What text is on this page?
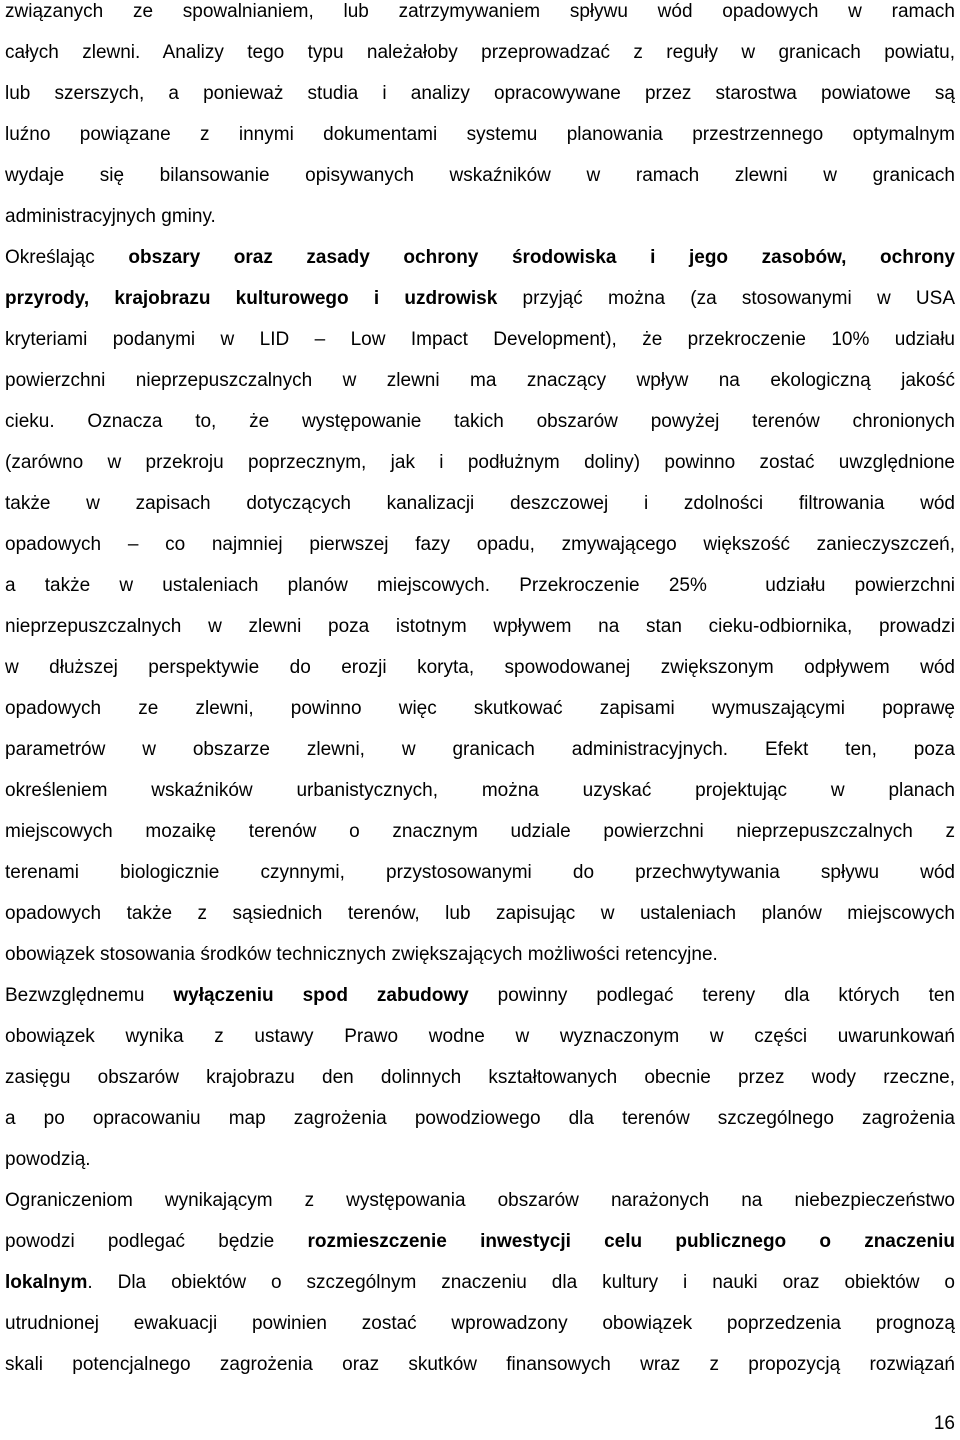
związanych ze spowalnianiem, lub zatrzymywaniem spływu wód opadowych w ramach
całych zlewni. Analizy tego typu należałoby przeprowadzać z reguły w granicach powiatu,
lub szerszych, a ponieważ studia i analizy opracowywane przez starostwa powiatowe są
luźno powiązane z innymi dokumentami systemu planowania przestrzennego optymalnym
wydaje się bilansowanie opisywanych wskaźników w ramach zlewni w granicach
administracyjnych gminy.
Określając obszary oraz zasady ochrony środowiska i jego zasobów, ochrony
przyrody, krajobrazu kulturowego i uzdrowisk przyjąć można (za stosowanymi w USA
kryteriami podanymi w LID – Low Impact Development), że przekroczenie 10% udziału
powierzchni nieprzepuszczalnych w zlewni ma znaczący wpływ na ekologiczną jakość
cieku. Oznacza to, że występowanie takich obszarów powyżej terenów chronionych
(zarówno w przekroju poprzecznym, jak i podłużnym doliny) powinno zostać uwzględnione
także w zapisach dotyczących kanalizacji deszczowej i zdolności filtrowania wód
opadowych – co najmniej pierwszej fazy opadu, zmywającego większość zanieczyszczeń,
a także w ustaleniach planów miejscowych. Przekroczenie 25%  udziału powierzchni
nieprzepuszczalnych w zlewni poza istotnym wpływem na stan cieku-odbiornika, prowadzi
w dłuższej perspektywie do erozji koryta, spowodowanej zwiększonym odpływem wód
opadowych ze zlewni, powinno więc skutkować zapisami wymuszającymi poprawę
parametrów w obszarze zlewni, w granicach administracyjnych. Efekt ten, poza
określeniem wskaźników urbanistycznych, można uzyskać projektując w planach
miejscowych mozaikę terenów o znacznym udziale powierzchni nieprzepuszczalnych z
terenami biologicznie czynnymi, przystosowanymi do przechwytywania spływu wód
opadowych także z sąsiednich terenów, lub zapisując w ustaleniach planów miejscowych
obowiązek stosowania środków technicznych zwiększających możliwości retencyjne.
Bezwzględnemu wyłączeniu spod zabudowy powinny podlegać tereny dla których ten
obowiązek wynika z ustawy Prawo wodne w wyznaczonym w części uwarunkowań
zasięgu obszarów krajobrazu den dolinnych kształtowanych obecnie przez wody rzeczne,
a po opracowaniu map zagrożenia powodziowego dla terenów szczególnego zagrożenia
powodzią.
Ograniczeniom wynikającym z występowania obszarów narażonych na niebezpieczeństwo
powodzi podlegać będzie rozmieszczenie inwestycji celu publicznego o znaczeniu
lokalnym. Dla obiektów o szczególnym znaczeniu dla kultury i nauki oraz obiektów o
utrudnionej ewakuacji powinien zostać wprowadzony obowiązek poprzedzenia prognozą
skali potencjalnego zagrożenia oraz skutków finansowych wraz z propozycją rozwiązań
16
